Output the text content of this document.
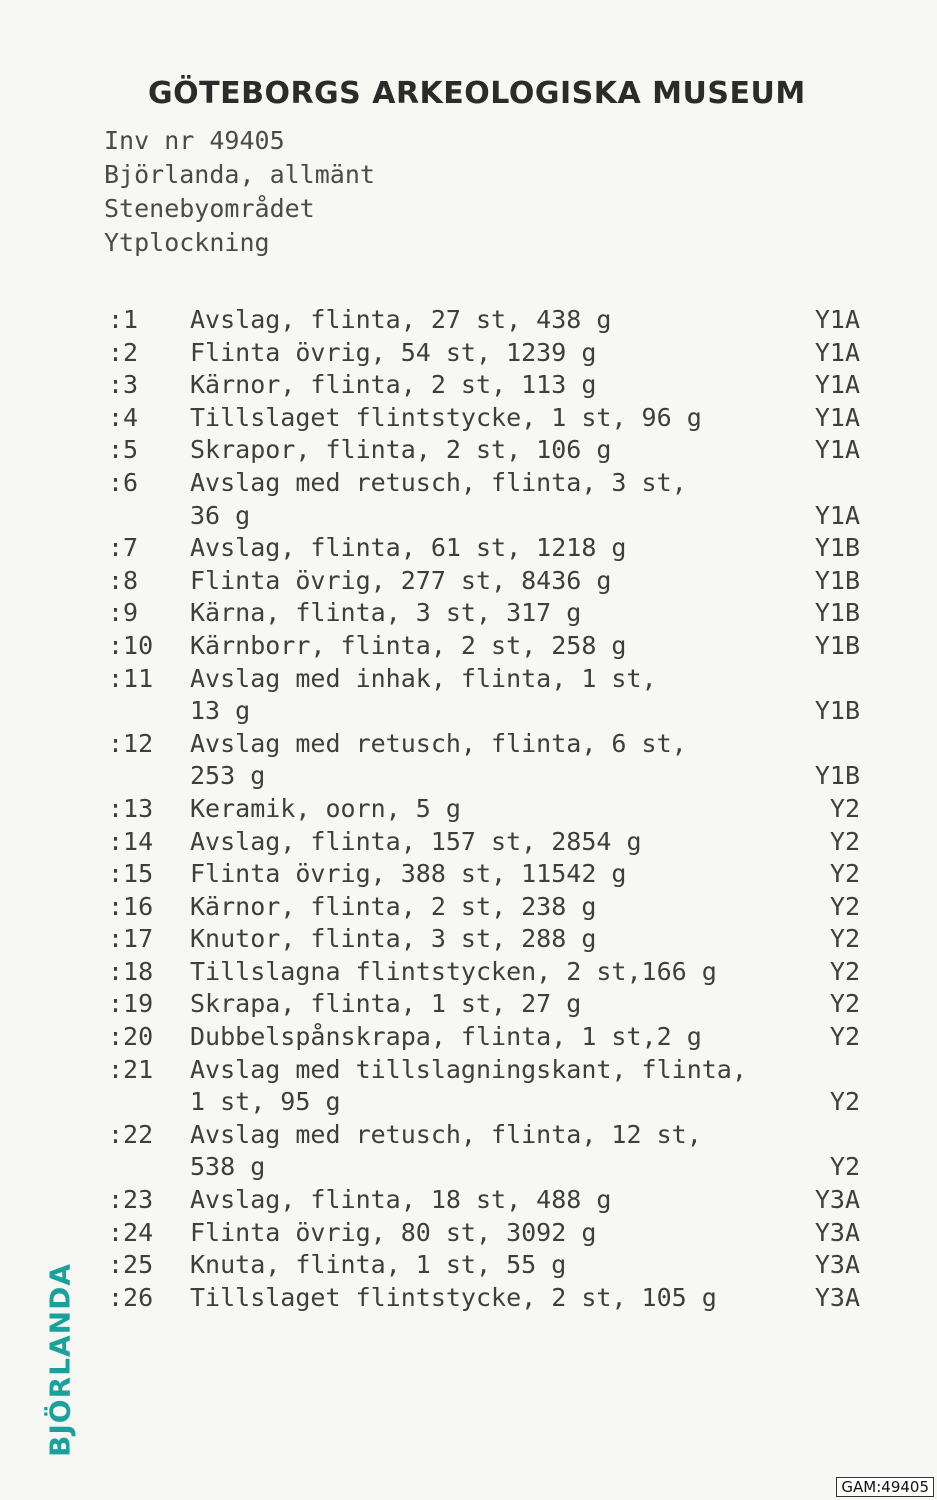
GÖTEBORGS ARKEOLOGISKA MUSEUM
Inv nr 49405
Björlanda, allmänt
Stenebyområdet
Ytplockning
:1 Avslag, flinta, 27 st, 438 g	Y1A
:2 Flinta övrig, 54 st, 1239 g	Y1A
:3 Kärnor, flinta, 2 st, 113 g	Y1A
:4 Tillslaget flintstycke, 1 st, 96 g	Y1A
:5 Skrapor, flinta, 2 st, 106 g	Y1A
:6 Avslag med retusch, flinta, 3 st,
36 g	Y1A
:7 Avslag, flinta, 61 st, 1218 g	Y1B
:8 Flinta övrig, 277 st, 8436 g	Y1B
:9 Kärna, flinta, 3 st, 317 g	Y1B
:10 Kärnborr, flinta, 2 st, 258 g	Y1B
:11 Avslag med inhak, flinta, 1 st,
13 g	Y1B
:12 Avslag med retusch, flinta, 6 st,
253 g	Y1B
:13 Keramik, oorn, 5 g	Y2
:14 Avslag, flinta, 157 st, 2854 g	Y2
:15 Flinta övrig, 388 st, 11542 g	Y2
:16 Kärnor, flinta, 2 st, 238 g	Y2
:17 Knutor, flinta, 3 st, 288 g	Y2
:18 Tillslagna flintstycken, 2 st,166 g	Y2
:19 Skrapa, flinta, 1 st, 27 g	Y2
:20 Dubbelspånskrapa, flinta, 1 st,2 g	Y2
:21 Avslag med tillslagningskant, flinta,
1 st, 95 g	Y2
:22 Avslag med retusch, flinta, 12 st,
538 g	Y2
:23 Avslag, flinta, 18 st, 488 g	Y3A
:24 Flinta övrig, 80 st, 3092 g	Y3A
:25 Knuta, flinta, 1 st, 55 g	Y3A
:26 Tillslaget flintstycke, 2 st, 105 g	Y3A
BJÖRLANDA
GAM:49405
